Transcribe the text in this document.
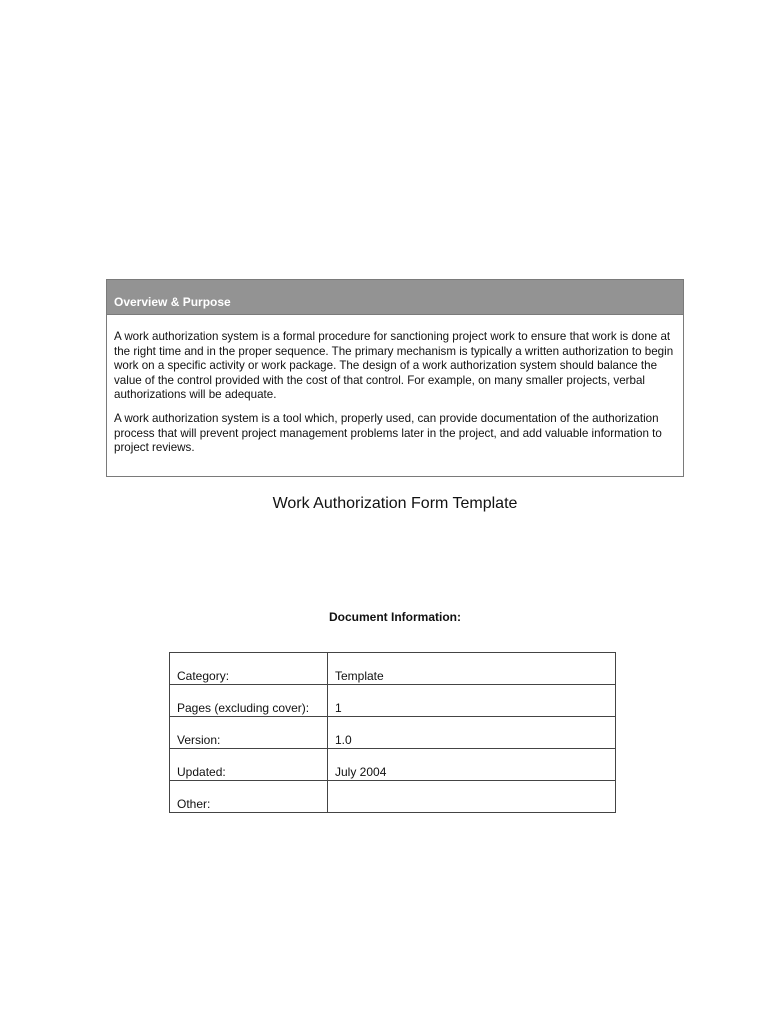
Overview & Purpose

A work authorization system is a formal procedure for sanctioning project work to ensure that work is done at the right time and in the proper sequence. The primary mechanism is typically a written authorization to begin work on a specific activity or work package. The design of a work authorization system should balance the value of the control provided with the cost of that control. For example, on many smaller projects, verbal authorizations will be adequate.

A work authorization system is a tool which, properly used, can provide documentation of the authorization process that will prevent project management problems later in the project, and add valuable information to project reviews.

Work Authorization Form Template
Document Information:
Category:	Template
Pages (excluding cover):	1
Version:	1.0
Updated:	July 2004
Other:	
